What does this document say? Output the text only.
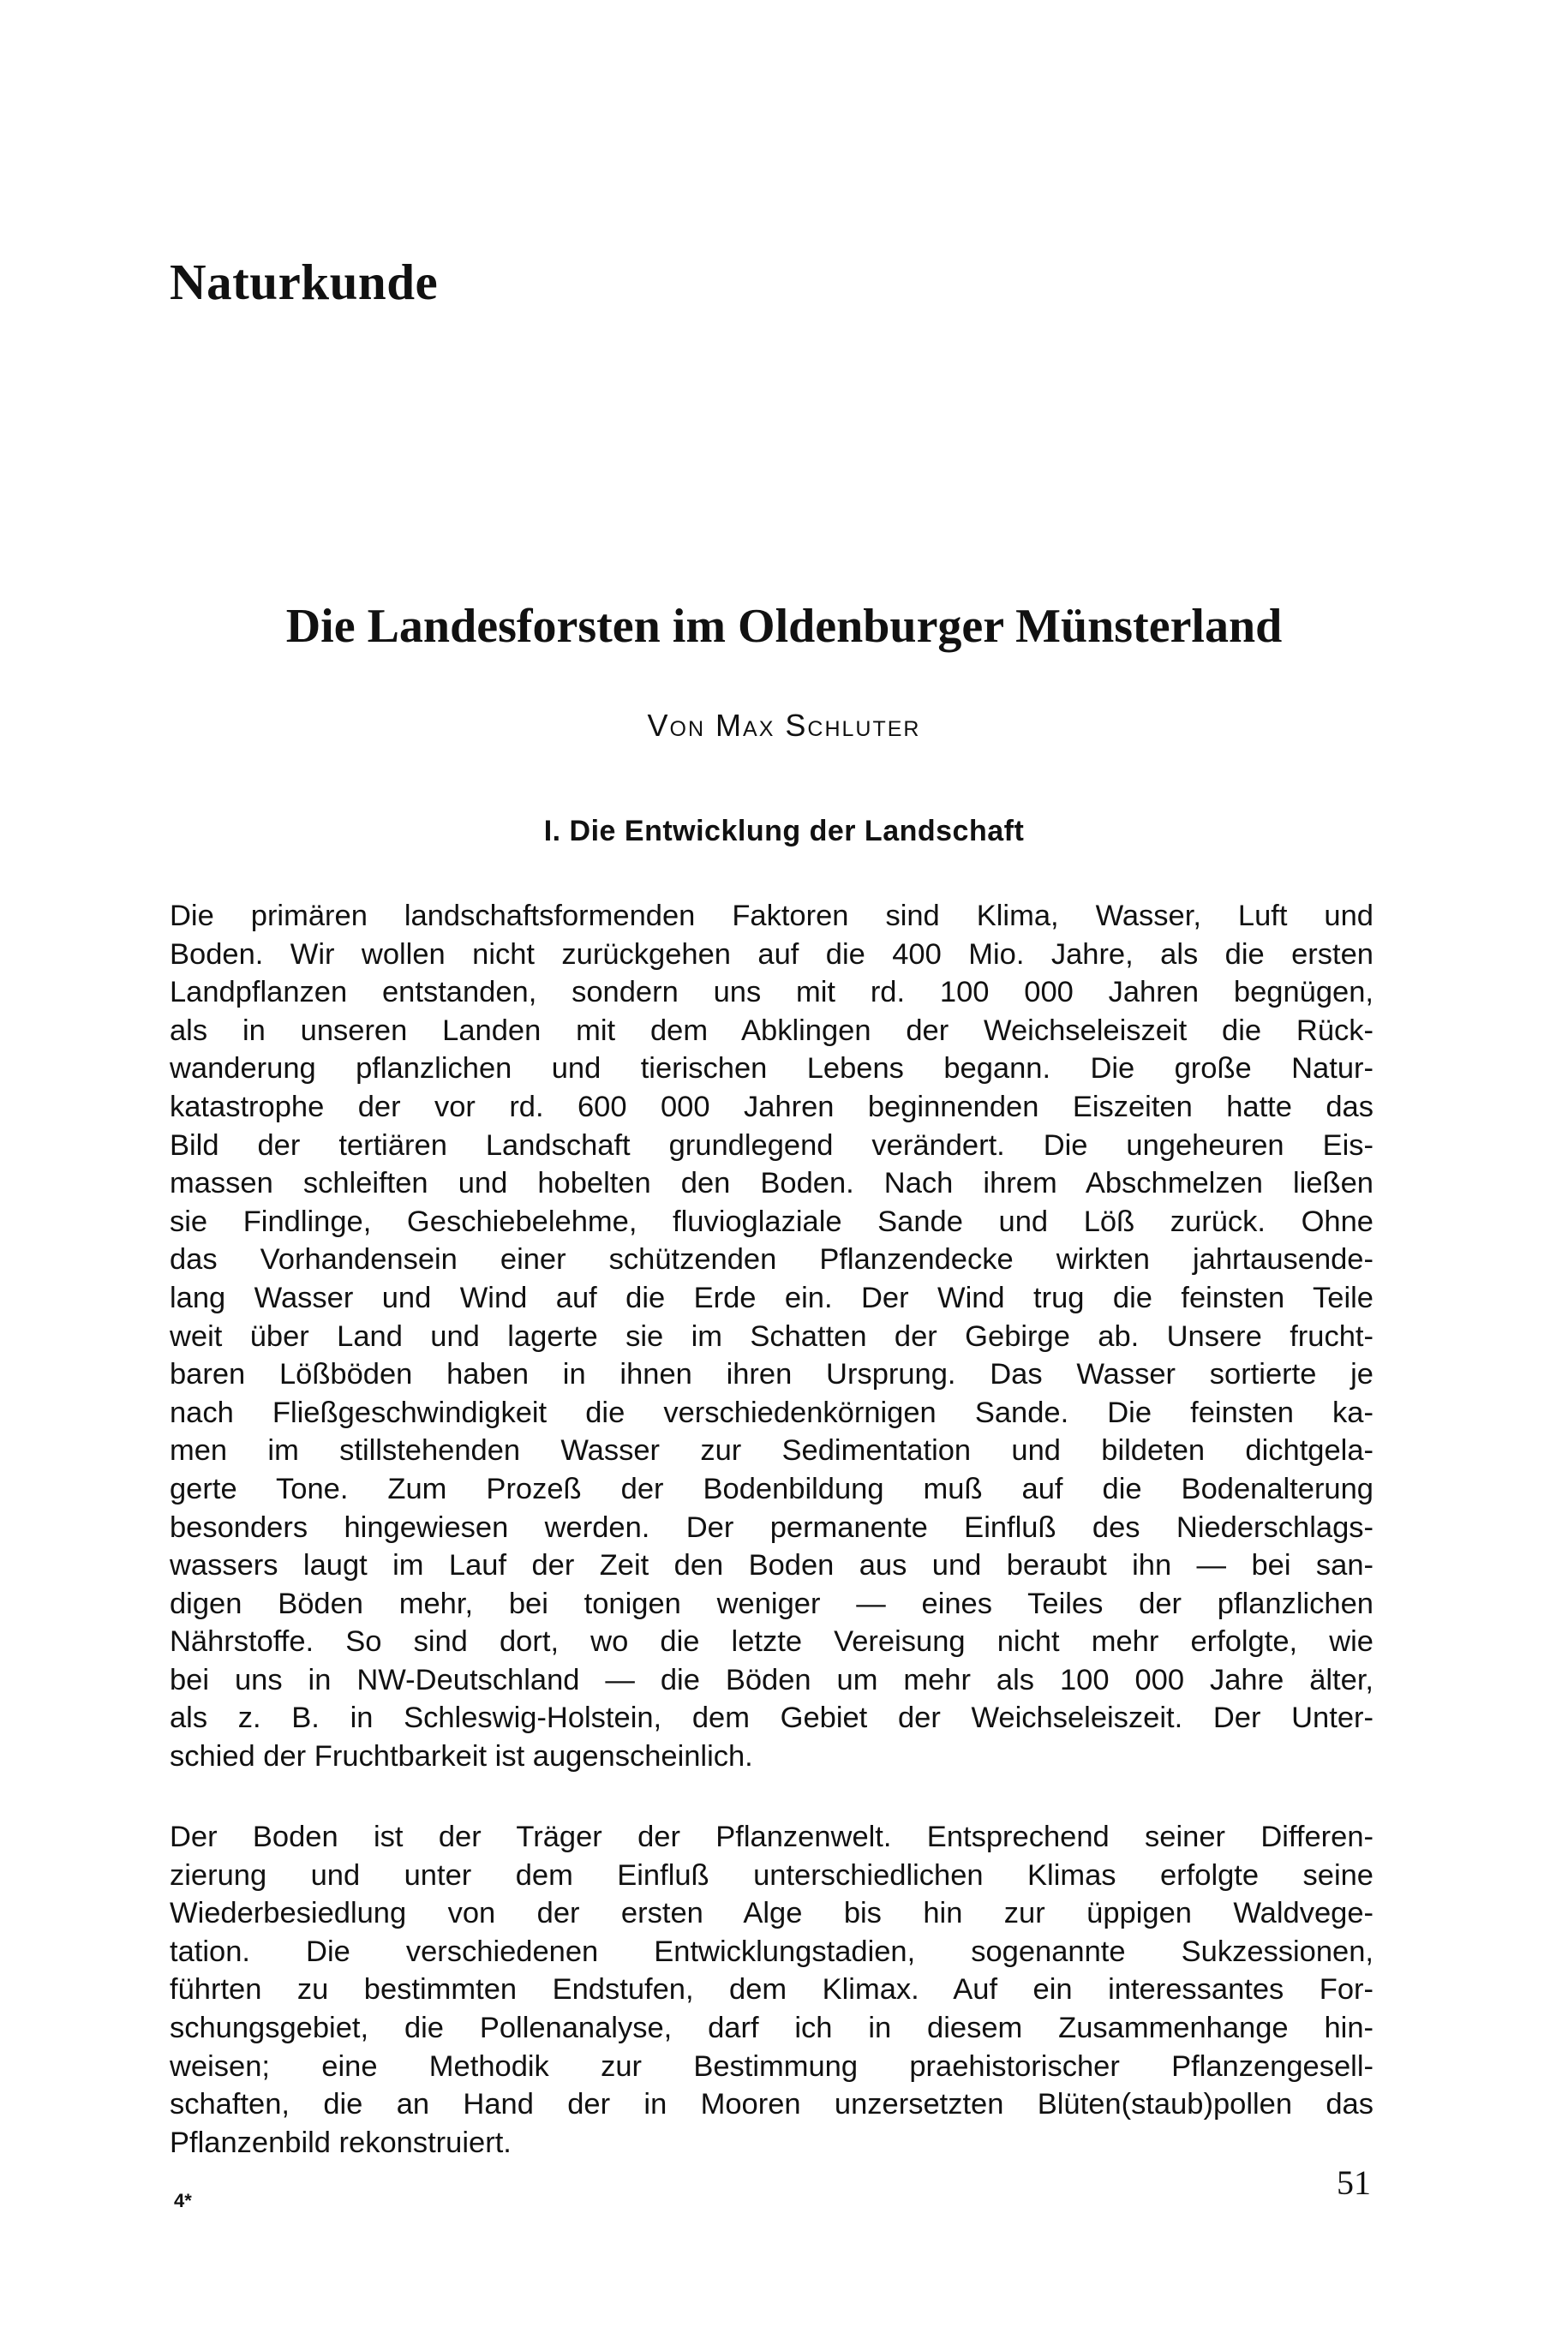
Naturkunde
Die Landesforsten im Oldenburger Münsterland
Von Max Schluter
I. Die Entwicklung der Landschaft
Die primären landschaftsformenden Faktoren sind Klima, Wasser, Luft und
Boden. Wir wollen nicht zurückgehen auf die 400 Mio. Jahre, als die ersten
Landpflanzen entstanden, sondern uns mit rd. 100 000 Jahren begnügen,
als in unseren Landen mit dem Abklingen der Weichseleiszeit die Rück-
wanderung pflanzlichen und tierischen Lebens begann. Die große Natur-
katastrophe der vor rd. 600 000 Jahren beginnenden Eiszeiten hatte das
Bild der tertiären Landschaft grundlegend verändert. Die ungeheuren Eis-
massen schleiften und hobelten den Boden. Nach ihrem Abschmelzen ließen
sie Findlinge, Geschiebelehme, fluvioglaziale Sande und Löß zurück. Ohne
das Vorhandensein einer schützenden Pflanzendecke wirkten jahrtausende-
lang Wasser und Wind auf die Erde ein. Der Wind trug die feinsten Teile
weit über Land und lagerte sie im Schatten der Gebirge ab. Unsere frucht-
baren Lößböden haben in ihnen ihren Ursprung. Das Wasser sortierte je
nach Fließgeschwindigkeit die verschiedenkörnigen Sande. Die feinsten ka-
men im stillstehenden Wasser zur Sedimentation und bildeten dichtgela-
gerte Tone. Zum Prozeß der Bodenbildung muß auf die Bodenalterung
besonders hingewiesen werden. Der permanente Einfluß des Niederschlags-
wassers laugt im Lauf der Zeit den Boden aus und beraubt ihn — bei san-
digen Böden mehr, bei tonigen weniger — eines Teiles der pflanzlichen
Nährstoffe. So sind dort, wo die letzte Vereisung nicht mehr erfolgte, wie
bei uns in NW-Deutschland — die Böden um mehr als 100 000 Jahre älter,
als z. B. in Schleswig-Holstein, dem Gebiet der Weichseleiszeit. Der Unter-
schied der Fruchtbarkeit ist augenscheinlich.
Der Boden ist der Träger der Pflanzenwelt. Entsprechend seiner Differen-
zierung und unter dem Einfluß unterschiedlichen Klimas erfolgte seine
Wiederbesiedlung von der ersten Alge bis hin zur üppigen Waldvege-
tation. Die verschiedenen Entwicklungstadien, sogenannte Sukzessionen,
führten zu bestimmten Endstufen, dem Klimax. Auf ein interessantes For-
schungsgebiet, die Pollenanalyse, darf ich in diesem Zusammenhange hin-
weisen; eine Methodik zur Bestimmung praehistorischer Pflanzengesell-
schaften, die an Hand der in Mooren unzersetzten Blüten(staub)pollen das
Pflanzenbild rekonstruiert.
4*	51
